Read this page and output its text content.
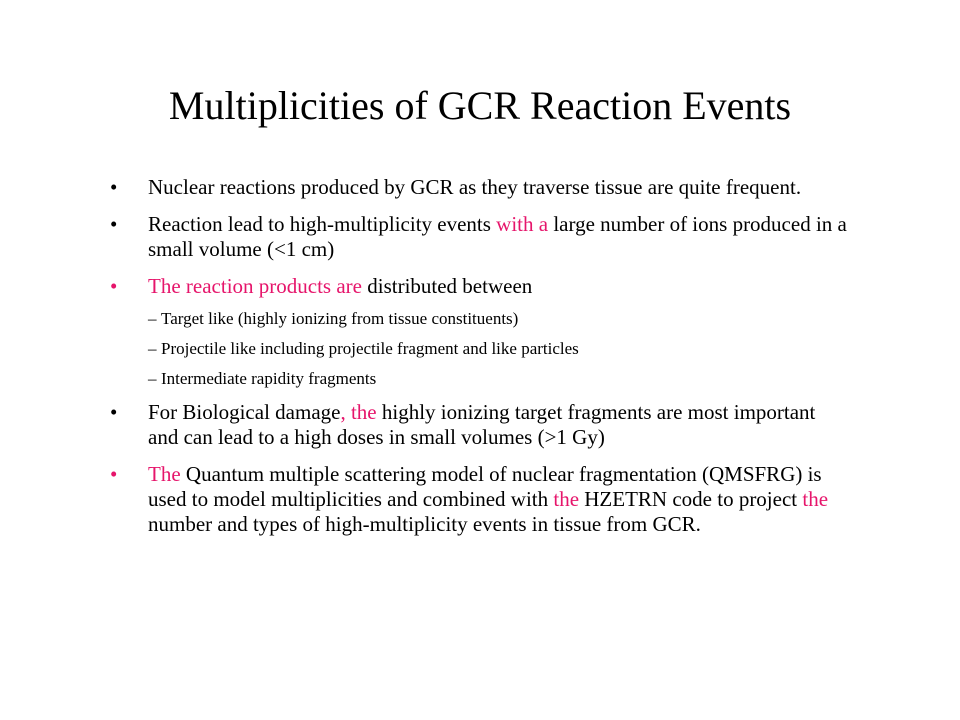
Multiplicities of GCR Reaction Events
• Nuclear reactions produced by GCR as they traverse tissue are quite frequent.
• Reaction lead to high-multiplicity events with a large number of ions produced in a small volume (<1 cm)
• The reaction products are distributed between
– Target like (highly ionizing from tissue constituents)
– Projectile like including projectile fragment and like particles
– Intermediate rapidity fragments
• For Biological damage, the highly ionizing target fragments are most important and can lead to a high doses in small volumes (>1 Gy)
• The Quantum multiple scattering model of nuclear fragmentation (QMSFRG) is used to model multiplicities and combined with the HZETRN code to project the number and types of high-multiplicity events in tissue from GCR.
